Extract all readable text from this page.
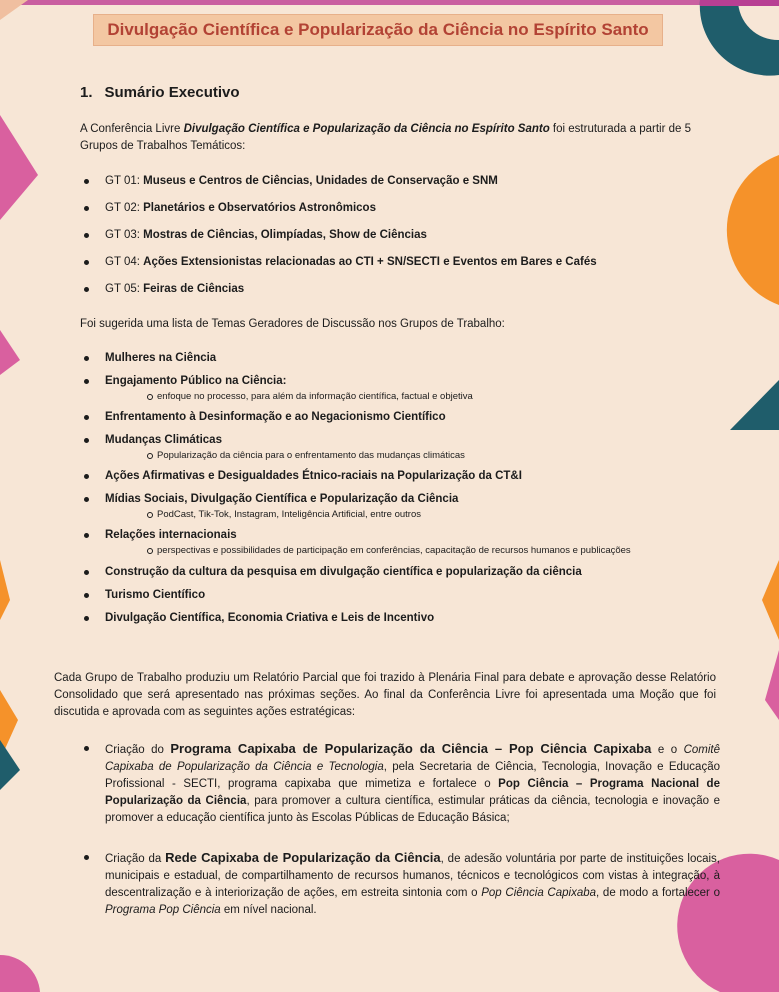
Divulgação Científica e Popularização da Ciência no Espírito Santo
1. Sumário Executivo
A Conferência Livre Divulgação Científica e Popularização da Ciência no Espírito Santo foi estruturada a partir de 5 Grupos de Trabalhos Temáticos:
GT 01: Museus e Centros de Ciências, Unidades de Conservação e SNM
GT 02: Planetários e Observatórios Astronômicos
GT 03: Mostras de Ciências, Olimpíadas, Show de Ciências
GT 04: Ações Extensionistas relacionadas ao CTI + SN/SECTI e Eventos em Bares e Cafés
GT 05: Feiras de Ciências
Foi sugerida uma lista de Temas Geradores de Discussão nos Grupos de Trabalho:
Mulheres na Ciência
Engajamento Público na Ciência:
enfoque no processo, para além da informação científica, factual e objetiva
Enfrentamento à Desinformação e ao Negacionismo Científico
Mudanças Climáticas
Popularização da ciência para o enfrentamento das mudanças climáticas
Ações Afirmativas e Desigualdades Étnico-raciais na Popularização da CT&I
Mídias Sociais, Divulgação Científica e Popularização da Ciência
PodCast, Tik-Tok, Instagram, Inteligência Artificial, entre outros
Relações internacionais
perspectivas e possibilidades de participação em conferências, capacitação de recursos humanos e publicações
Construção da cultura da pesquisa em divulgação científica e popularização da ciência
Turismo Científico
Divulgação Científica, Economia Criativa e Leis de Incentivo
Cada Grupo de Trabalho produziu um Relatório Parcial que foi trazido à Plenária Final para debate e aprovação desse Relatório Consolidado que será apresentado nas próximas seções. Ao final da Conferência Livre foi apresentada uma Moção que foi discutida e aprovada com as seguintes ações estratégicas:
Criação do Programa Capixaba de Popularização da Ciência – Pop Ciência Capixaba e o Comitê Capixaba de Popularização da Ciência e Tecnologia, pela Secretaria de Ciência, Tecnologia, Inovação e Educação Profissional - SECTI, programa capixaba que mimetiza e fortalece o Pop Ciência – Programa Nacional de Popularização da Ciência, para promover a cultura científica, estimular práticas da ciência, tecnologia e inovação e promover a educação científica junto às Escolas Públicas de Educação Básica;
Criação da Rede Capixaba de Popularização da Ciência, de adesão voluntária por parte de instituições locais, municipais e estadual, de compartilhamento de recursos humanos, técnicos e tecnológicos com vistas à integração, à descentralização e à interiorização de ações, em estreita sintonia com o Pop Ciência Capixaba, de modo a fortalecer o Programa Pop Ciência em nível nacional.
